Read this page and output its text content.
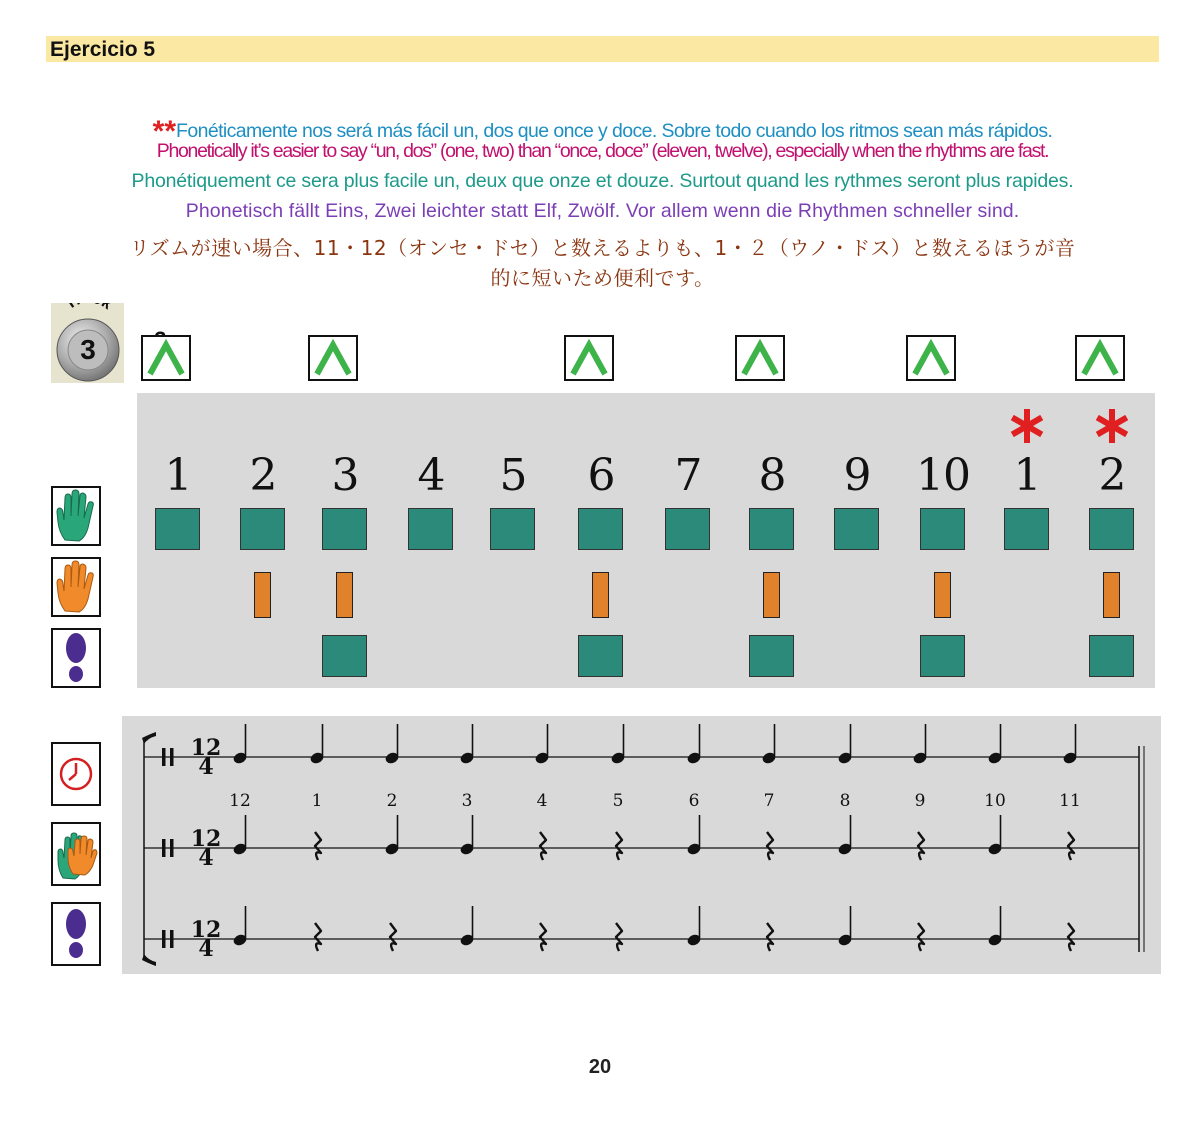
Ejercicio 5
**Fonéticamente nos será más fácil un, dos que once y doce. Sobre todo cuando los ritmos sean más rápidos.
Phonetically it’s easier to say “un, dos” (one, two) than “once, doce” (eleven, twelve), especially when the rhythms are fast.
Phonétiquement ce sera plus facile un, deux que onze et douze. Surtout quand les rythmes seront plus rapides.
Phonetisch fällt Eins, Zwei leichter statt Elf, Zwölf. Vor allem wenn die Rhythmen schneller sind.
リズムが速い場合、11・12（オンセ・ドセ）と数えるよりも、1・２（ウノ・ドス）と数えるほうが音
的に短いため便利です。
T k
3
1	2	3	4	5	6	7	8	9	10 1	2
12
4
12
4
12
4
12	1	2	3	4	5	6	7	8	9	10	11
20
